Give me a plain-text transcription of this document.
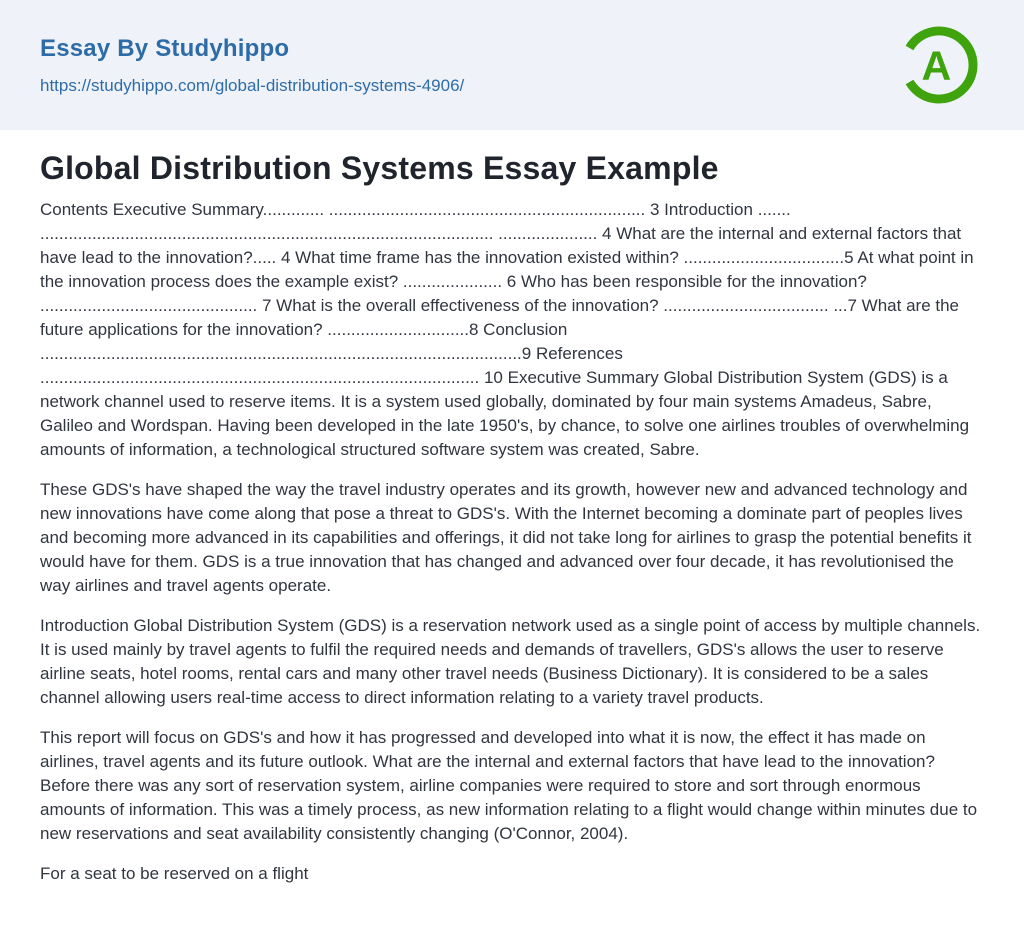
Essay By Studyhippo
https://studyhippo.com/global-distribution-systems-4906/	A
Global Distribution Systems Essay Example

Contents Executive Summary............. ................................................................... 3 Introduction ....... ................................................................................................ ..................... 4 What are the internal and external factors that have lead to the innovation?..... 4 What time frame has the innovation existed within? ..................................5 At what point in the innovation process does the example exist? ..................... 6 Who has been responsible for the innovation? .............................................. 7 What is the overall effectiveness of the innovation? ................................... ...7 What are the future applications for the innovation? ..............................8 Conclusion ......................................................................................................9 References ............................................................................................. 10 Executive Summary Global Distribution System (GDS) is a network channel used to reserve items. It is a system used globally, dominated by four main systems Amadeus, Sabre, Galileo and Wordspan. Having been developed in the late 1950's, by chance, to solve one airlines troubles of overwhelming amounts of information, a technological structured software system was created, Sabre.

These GDS's have shaped the way the travel industry operates and its growth, however new and advanced technology and new innovations have come along that pose a threat to GDS's. With the Internet becoming a dominate part of peoples lives and becoming more advanced in its capabilities and offerings, it did not take long for airlines to grasp the potential benefits it would have for them. GDS is a true innovation that has changed and advanced over four decade, it has revolutionised the way airlines and travel agents operate.

Introduction Global Distribution System (GDS) is a reservation network used as a single point of access by multiple channels. It is used mainly by travel agents to fulfil the required needs and demands of travellers, GDS's allows the user to reserve airline seats, hotel rooms, rental cars and many other travel needs (Business Dictionary). It is considered to be a sales channel allowing users real-time access to direct information relating to a variety travel products.

This report will focus on GDS's and how it has progressed and developed into what it is now, the effect it has made on airlines, travel agents and its future outlook. What are the internal and external factors that have lead to the innovation? Before there was any sort of reservation system, airline companies were required to store and sort through enormous amounts of information. This was a timely process, as new information relating to a flight would change within minutes due to new reservations and seat availability consistently changing (O'Connor, 2004).

For a seat to be reserved on a flight
